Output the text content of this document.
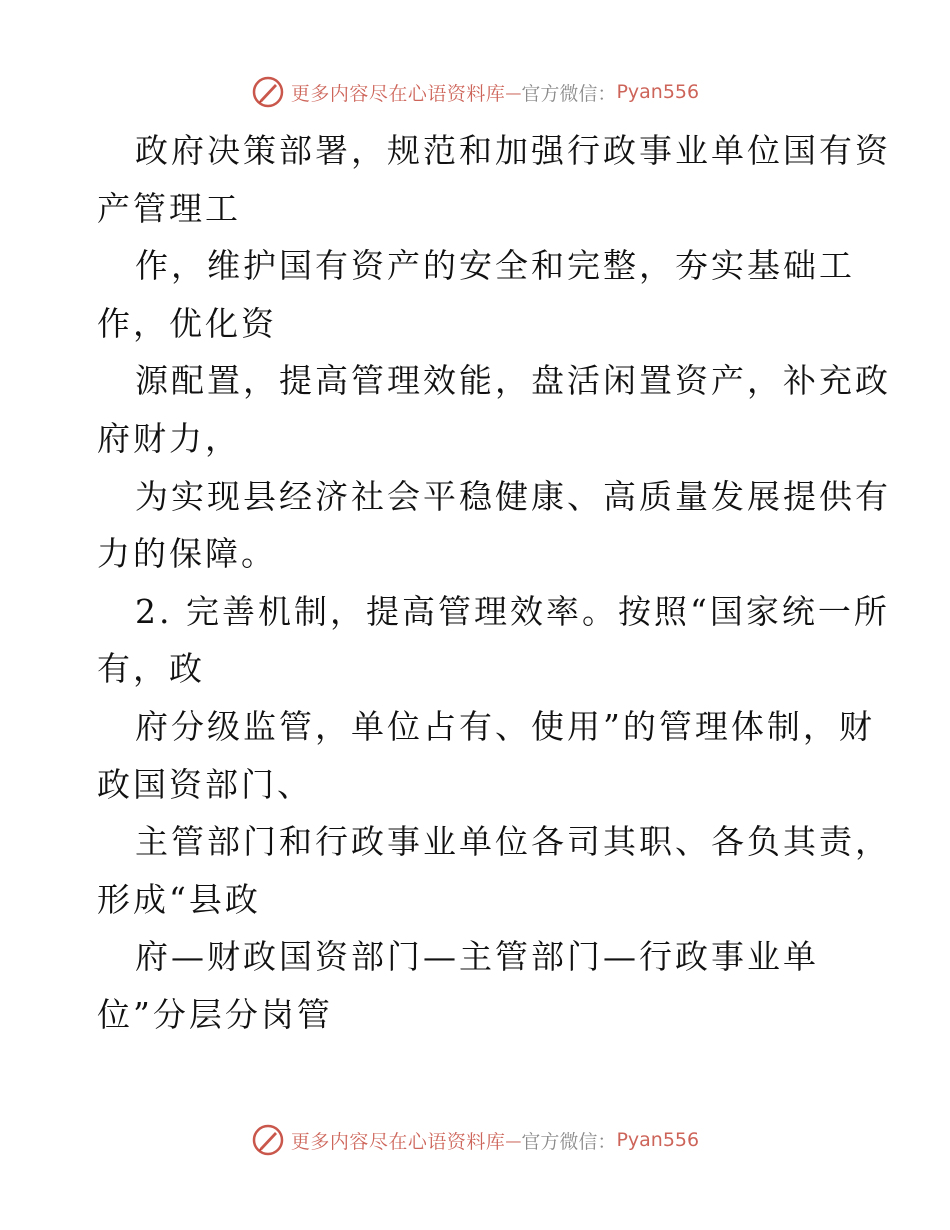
更多内容尽在心语资料库 — 官方微信： Pyan556
政府决策部署，规范和加强行政事业单位国有资
产管理工
作，维护国有资产的安全和完整，夯实基础工
作，优化资
源配置，提高管理效能，盘活闲置资产，补充政
府财力，
为实现县经济社会平稳健康、高质量发展提供有
力的保障。
2. 完善机制，提高管理效率。按照“国家统一所
有，政
府分级监管，单位占有、使用”的管理体制，财
政国资部门、
主管部门和行政事业单位各司其职、各负其责，
形成“县政
府—财政国资部门—主管部门—行政事业单
位”分层分岗管
更多内容尽在心语资料库 — 官方微信： Pyan556
